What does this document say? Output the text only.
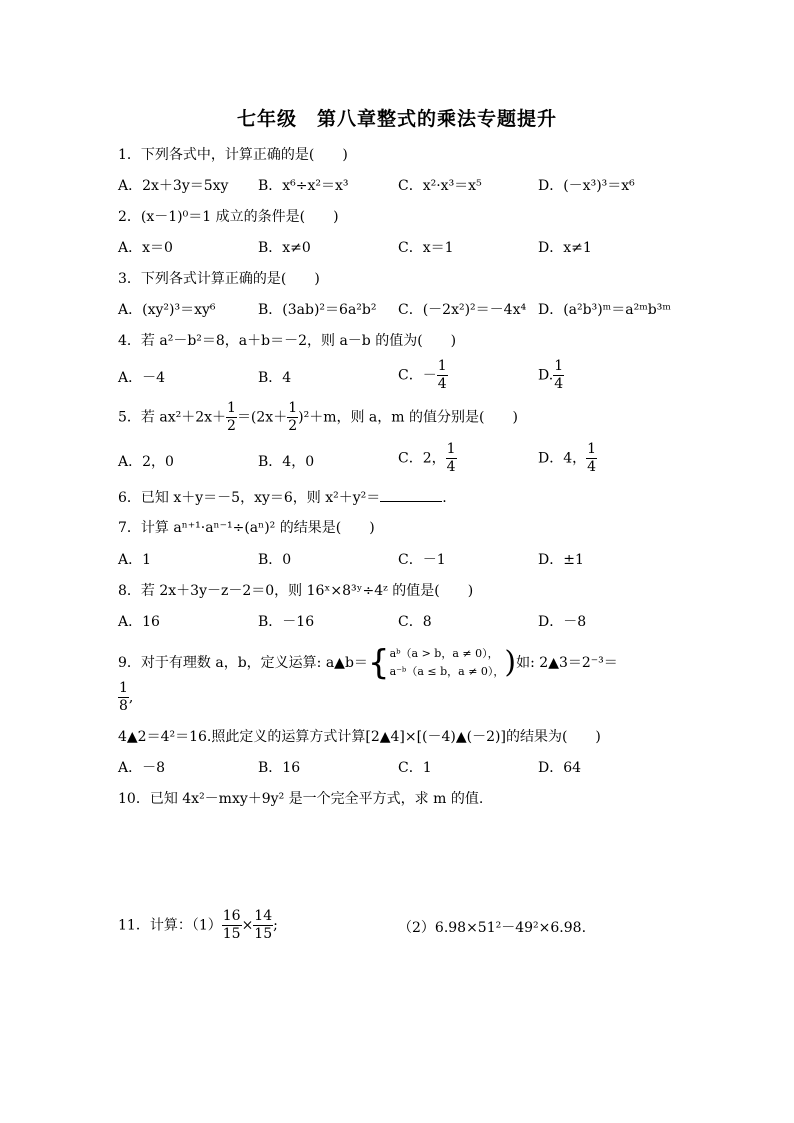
七年级　第八章整式的乘法专题提升
1．下列各式中，计算正确的是(　　)
A．2x＋3y＝5xy B．x⁶÷x²＝x³	C．x²·x³＝x⁵	D．(－x³)³＝x⁶
2．(x－1)⁰＝1 成立的条件是(　　)
A．x＝0	B．x≠0	C．x＝1	D．x≠1
3．下列各式计算正确的是(　　)
A．(xy²)³＝xy⁶	B．(3ab)²＝6a²b² C．(－2x²)²＝－4x⁴ D．(a²b³)ᵐ＝a²ᵐb³ᵐ
4．若 a²－b²＝8，a＋b＝－2，则 a－b 的值为(　　)
A．－4	B．4	C．－ $\frac{1}{4}$	D. $\frac{1}{4}$
5．若 $ax^2+2x+ \frac{1}{2} =(2x+ \frac{1}{2} )^2+m$，则 a，m 的值分别是(　　)
A．2，0	B．4，0	C．2， $\frac{1}{4}$	D．4， $\frac{1}{4}$
6．已知 x＋y＝－5，xy＝6，则 x²＋y²＝	.
7．计算 aⁿ⁺¹·aⁿ⁻¹÷(aⁿ)² 的结果是(　　)
A．1	B．0	C．－1	D．±1
8．若 2x＋3y－z－2＝0，则 16ˣ×8³ʸ÷4ᶻ 的值是(　　)
A．16	B．－16	C．8	D．－8
9．对于有理数 a，b，定义运算: a▲b＝{ aᵇ（a > b，a ≠ 0），
a⁻ᵇ（a ≤ b，a ≠ 0）， )如: 2▲3＝2⁻³＝
$\frac{1}{8}$ ,
4▲2＝4²＝16.照此定义的运算方式计算[2▲4]×[(－4)▲(－2)]的结果为(　　)
A．－8	B．16	C．1	D．64
10．已知 4x²－mxy＋9y² 是一个完全平方式，求 m 的值.
11．计算：$(1) \frac{16}{15} \times \frac{14}{15}$ ;	（2）6.98×51²－49²×6.98.
